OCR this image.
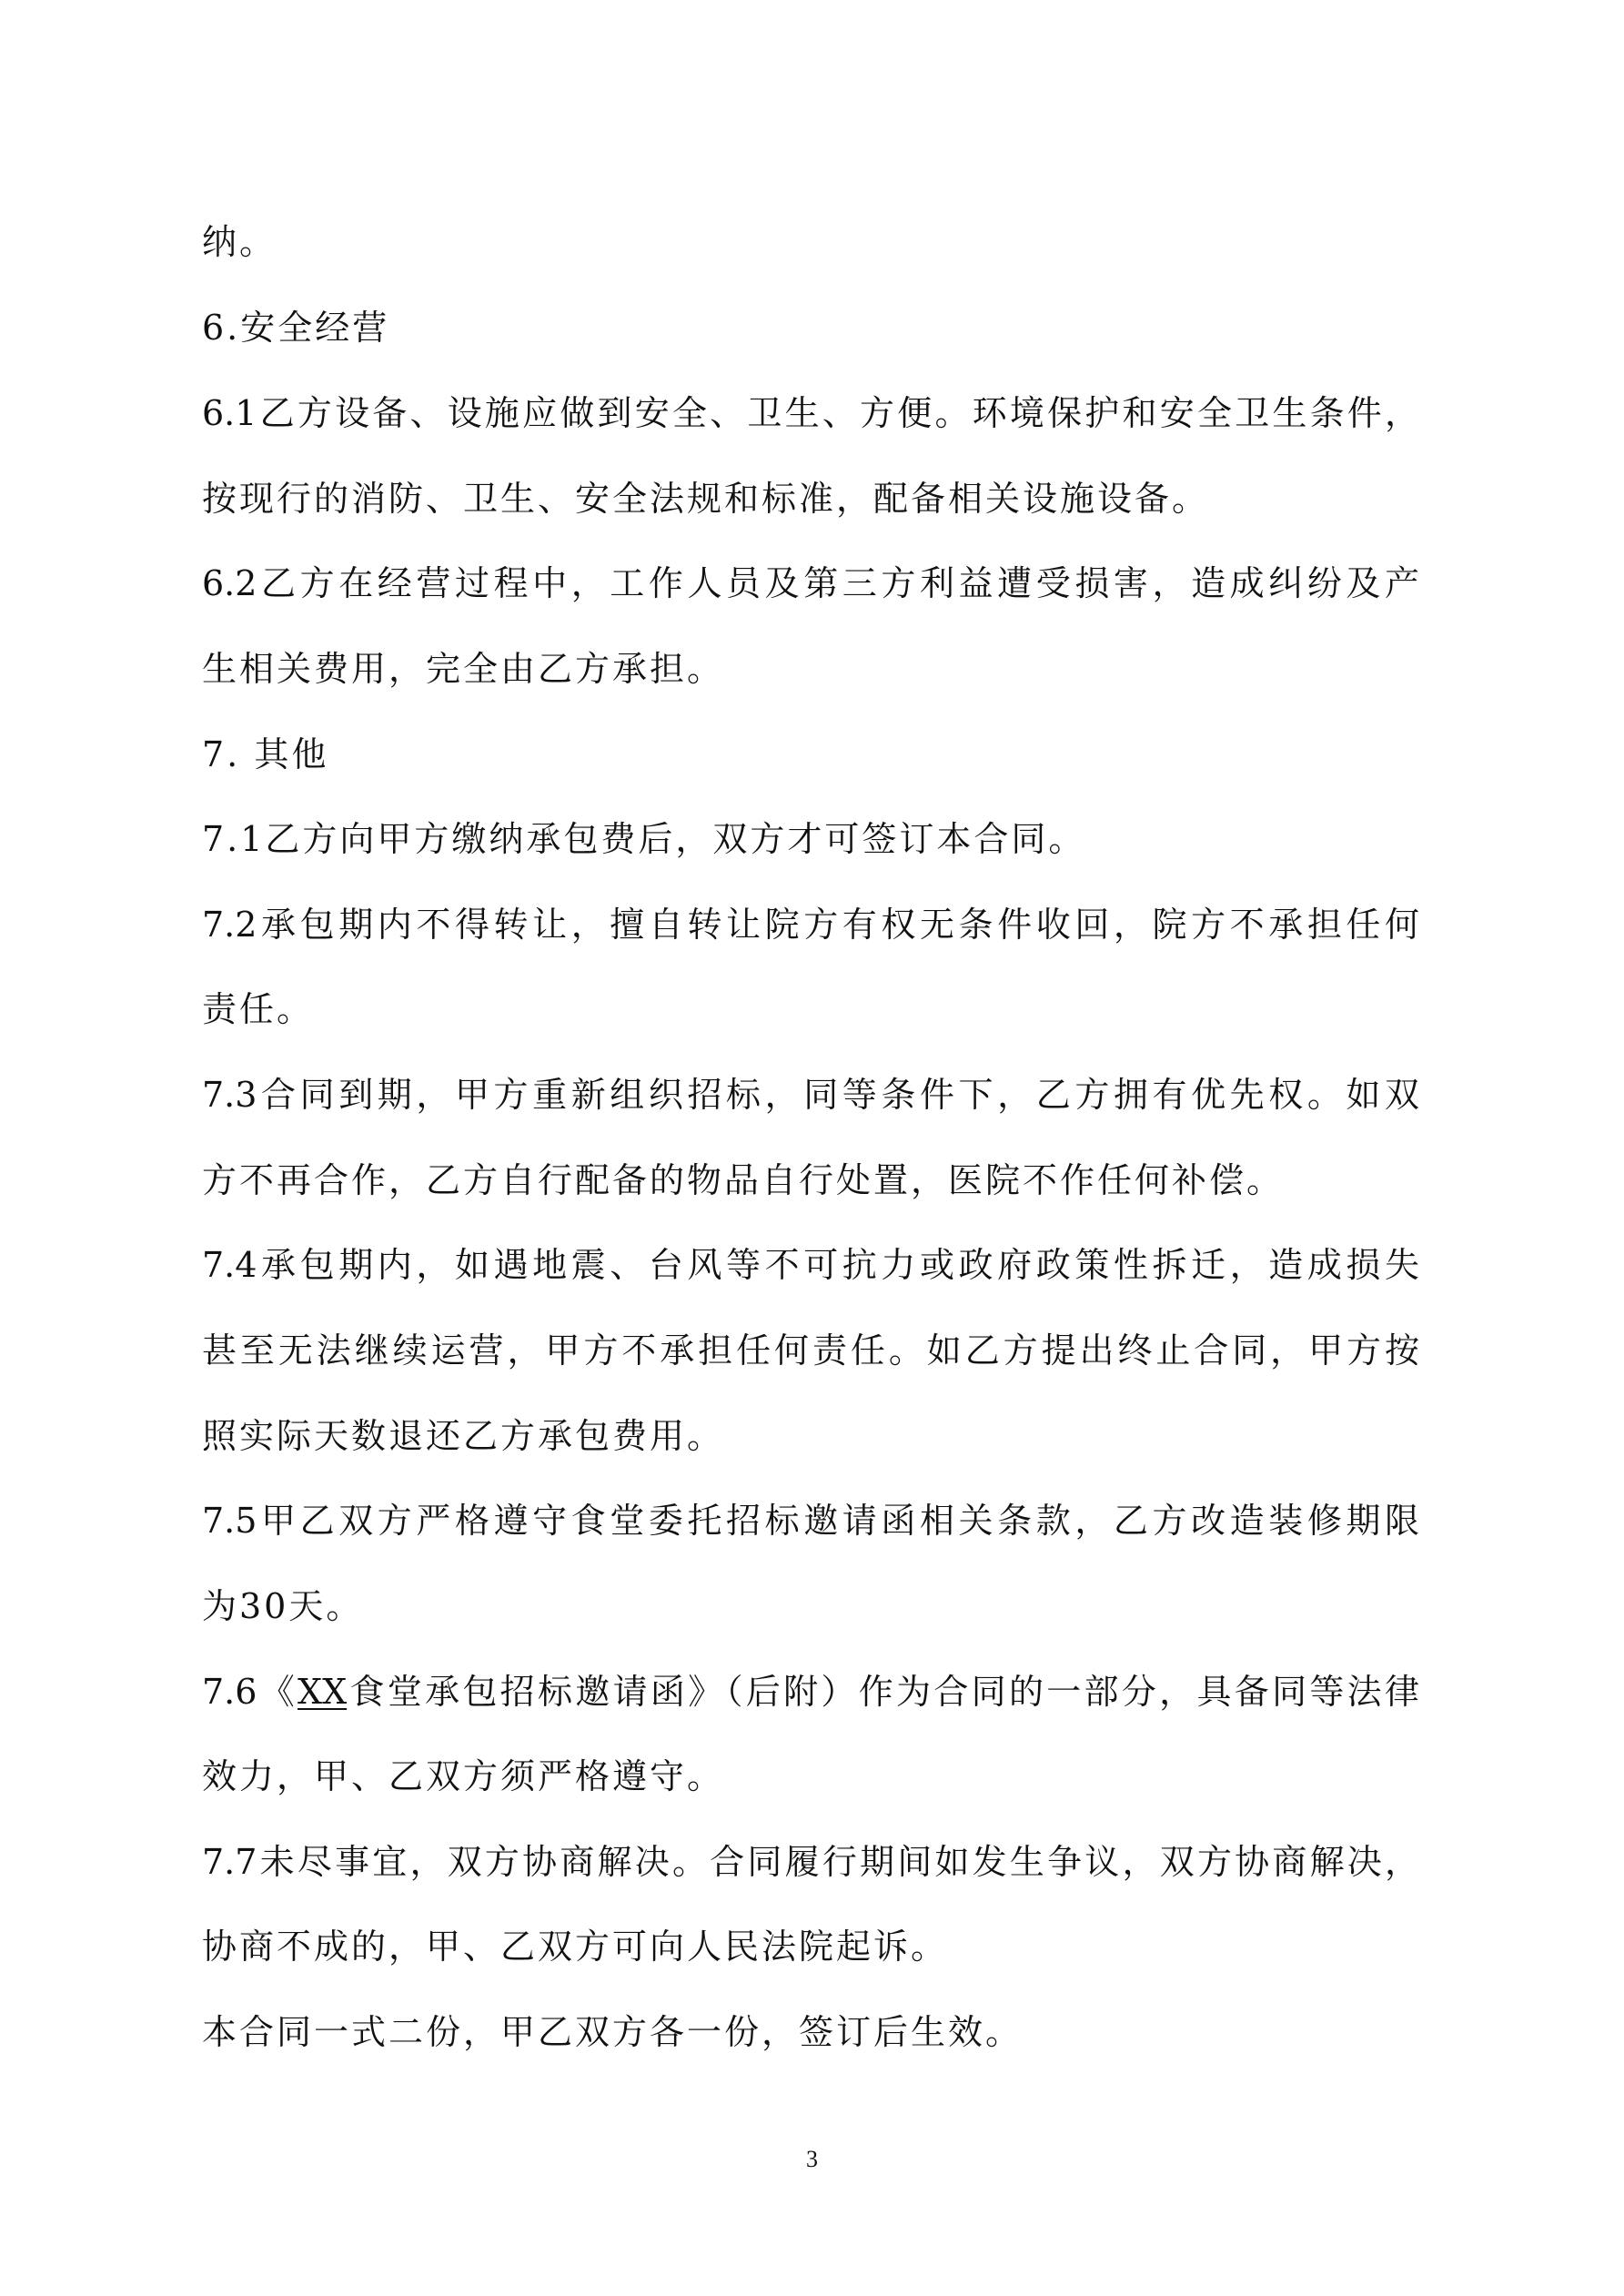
纳。
6.安全经营
6.1乙方设备、设施应做到安全、卫生、方便。环境保护和安全卫生条件，
按现行的消防、卫生、安全法规和标准，配备相关设施设备。
6.2乙方在经营过程中，工作人员及第三方利益遭受损害，造成纠纷及产
生相关费用，完全由乙方承担。
7. 其他
7.1乙方向甲方缴纳承包费后，双方才可签订本合同。
7.2承包期内不得转让，擅自转让院方有权无条件收回，院方不承担任何
责任。
7.3合同到期，甲方重新组织招标，同等条件下，乙方拥有优先权。如双
方不再合作，乙方自行配备的物品自行处置，医院不作任何补偿。
7.4承包期内，如遇地震、台风等不可抗力或政府政策性拆迁，造成损失
甚至无法继续运营，甲方不承担任何责任。如乙方提出终止合同，甲方按
照实际天数退还乙方承包费用。
7.5甲乙双方严格遵守食堂委托招标邀请函相关条款，乙方改造装修期限
为30天。
7.6《XX食堂承包招标邀请函》（后附）作为合同的一部分，具备同等法律
效力，甲、乙双方须严格遵守。
7.7未尽事宜，双方协商解决。合同履行期间如发生争议，双方协商解决，
协商不成的，甲、乙双方可向人民法院起诉。
本合同一式二份，甲乙双方各一份，签订后生效。
3
